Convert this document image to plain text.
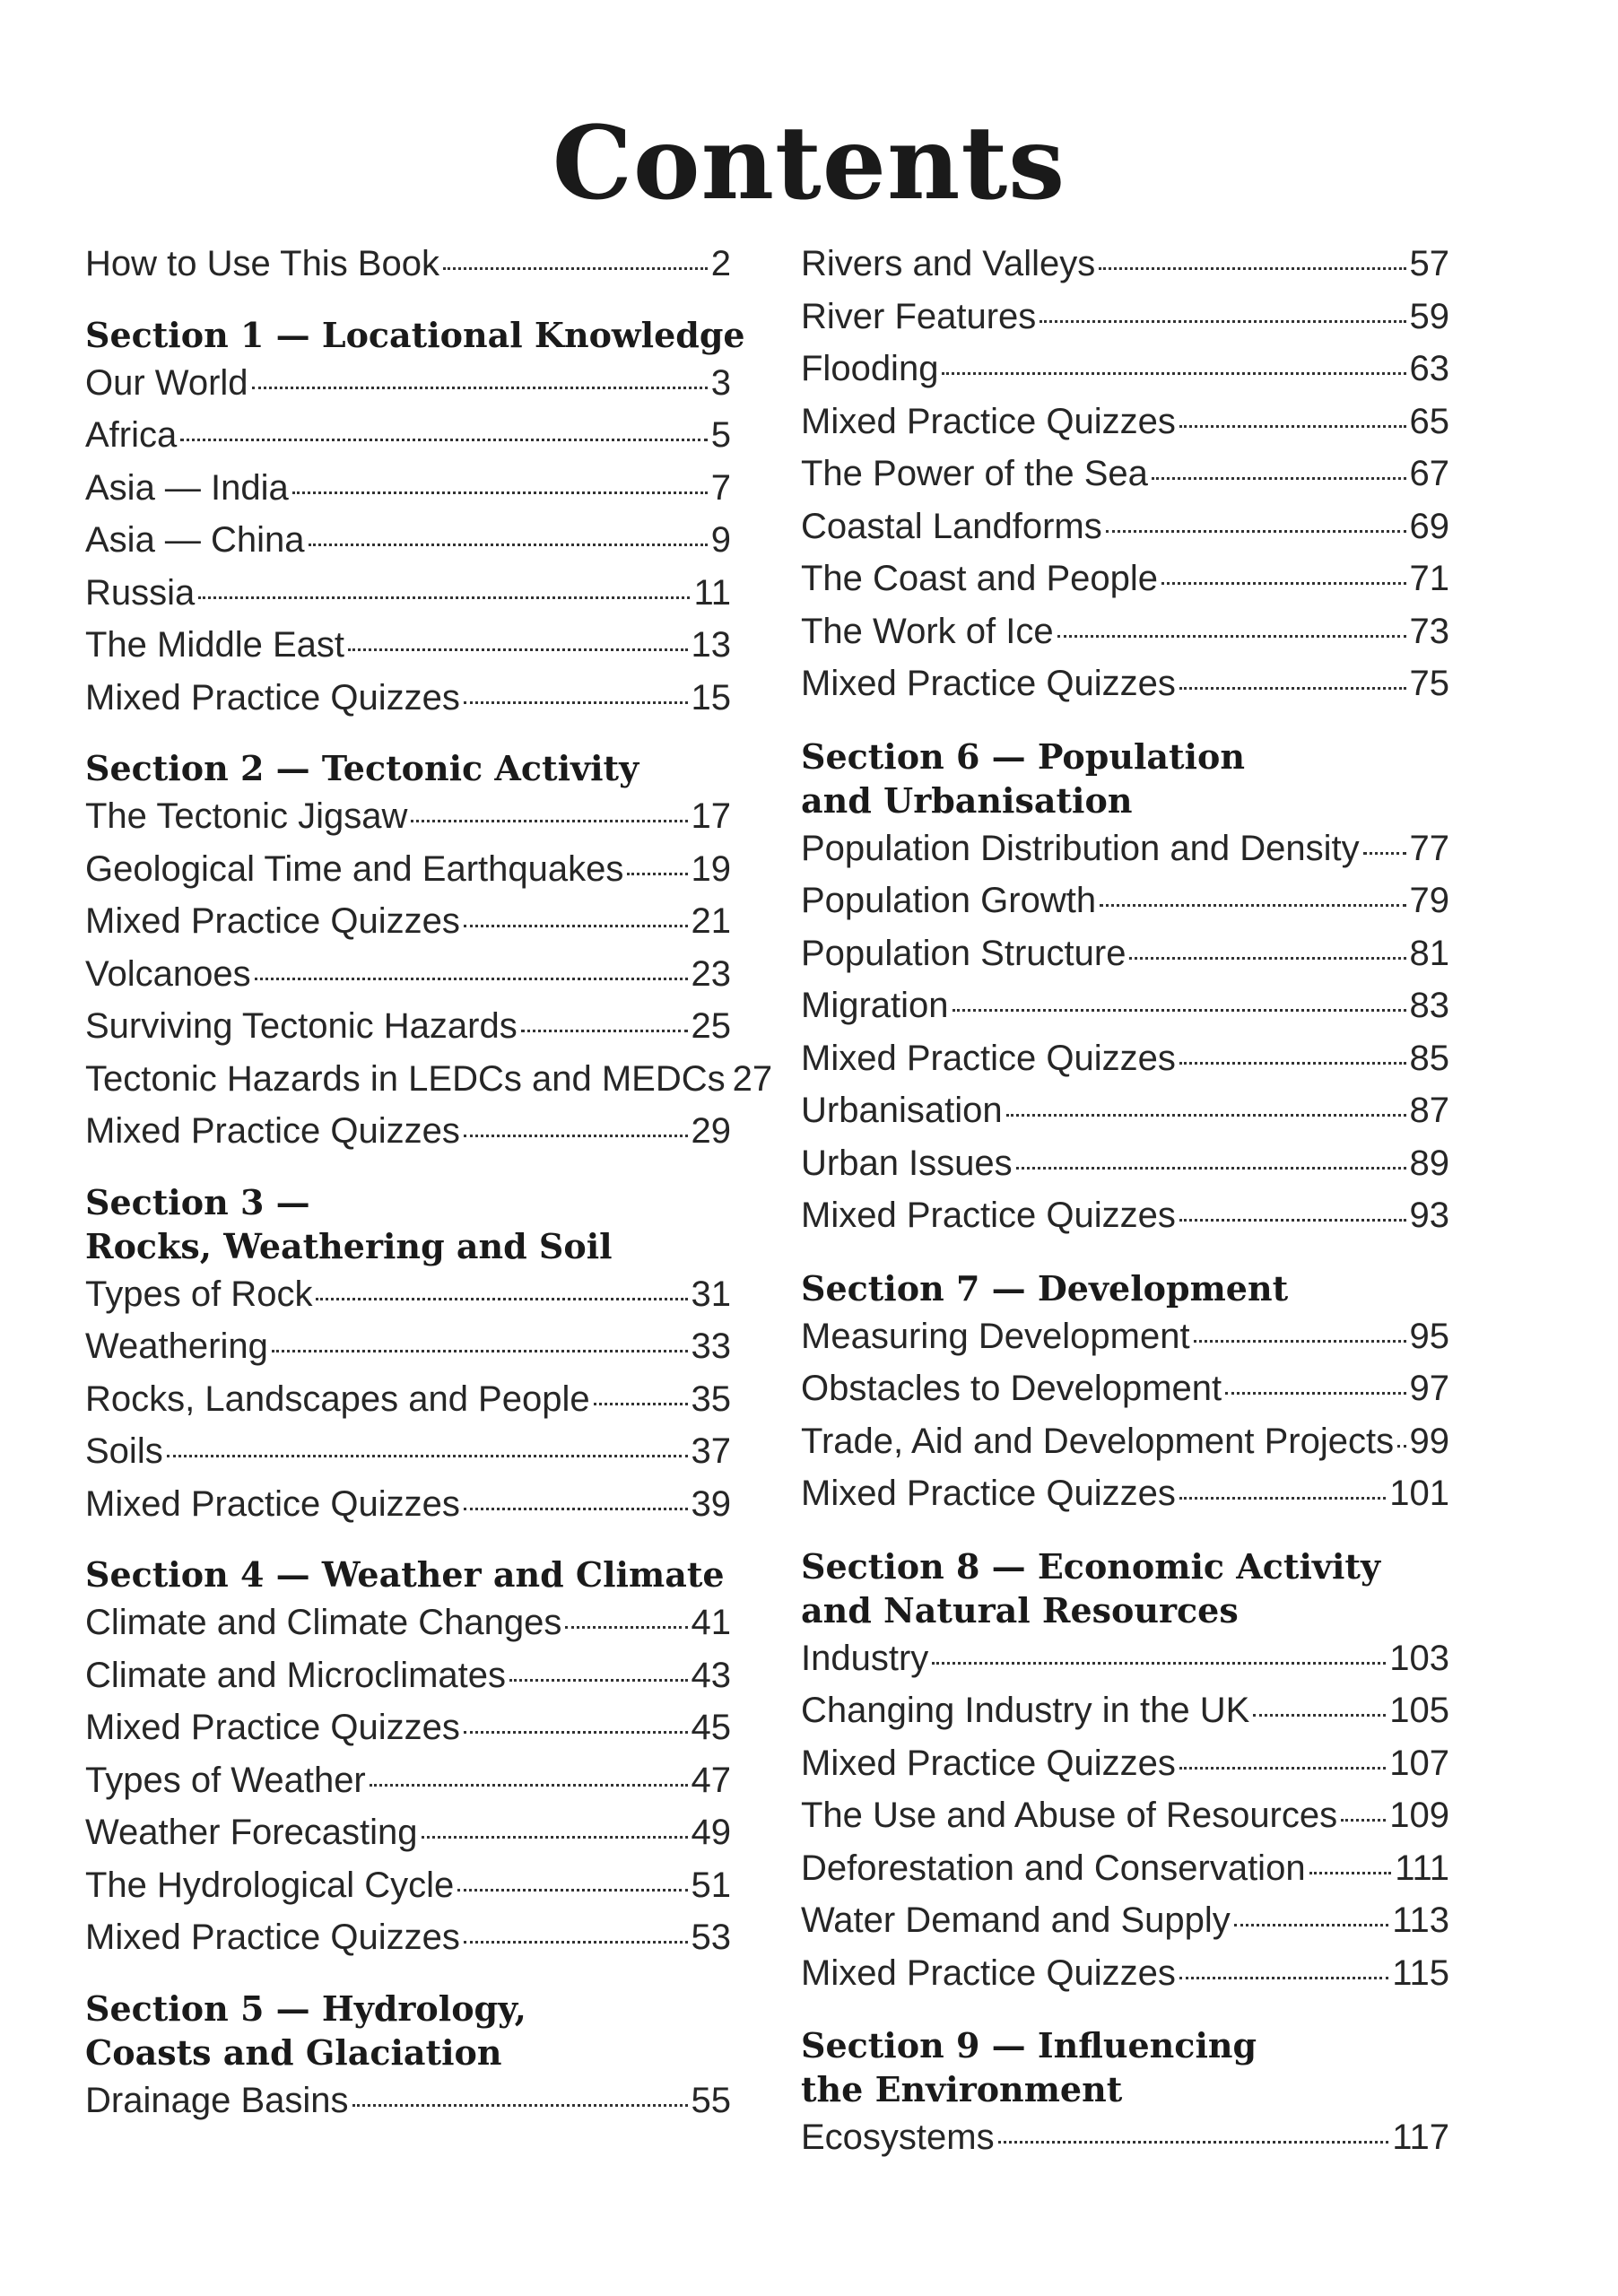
Contents
How to Use This Book	2
Section 1 — Locational Knowledge
Our World	3
Africa	5
Asia — India	7
Asia — China	9
Russia	11
The Middle East	13
Mixed Practice Quizzes	15
Section 2 — Tectonic Activity
The Tectonic Jigsaw	17
Geological Time and Earthquakes 19
Mixed Practice Quizzes	21
Volcanoes	23
Surviving Tectonic Hazards	25
Tectonic Hazards in LEDCs and MEDCs 27
Mixed Practice Quizzes	29
Section 3 —
Rocks, Weathering and Soil
Types of Rock	31
Weathering	33
Rocks, Landscapes and People	35
Soils	37
Mixed Practice Quizzes	39
Section 4 — Weather and Climate
Climate and Climate Changes	41
Climate and Microclimates	43
Mixed Practice Quizzes	45
Types of Weather	47
Weather Forecasting	49
The Hydrological Cycle	51
Mixed Practice Quizzes	53
Section 5 — Hydrology,
Coasts and Glaciation
Drainage Basins	55
Rivers and Valleys	57
River Features	59
Flooding	63
Mixed Practice Quizzes	65
The Power of the Sea	67
Coastal Landforms	69
The Coast and People	71
The Work of Ice	73
Mixed Practice Quizzes	75
Section 6 — Population
and Urbanisation
Population Distribution and Density 77
Population Growth	79
Population Structure	81
Migration	83
Mixed Practice Quizzes	85
Urbanisation	87
Urban Issues	89
Mixed Practice Quizzes	93
Section 7 — Development
Measuring Development	95
Obstacles to Development	97
Trade, Aid and Development Projects 99
Mixed Practice Quizzes	101
Section 8 — Economic Activity
and Natural Resources
Industry	103
Changing Industry in the UK	105
Mixed Practice Quizzes	107
The Use and Abuse of Resources 109
Deforestation and Conservation 111
Water Demand and Supply	113
Mixed Practice Quizzes	115
Section 9 — Influencing
the Environment
Ecosystems	117
